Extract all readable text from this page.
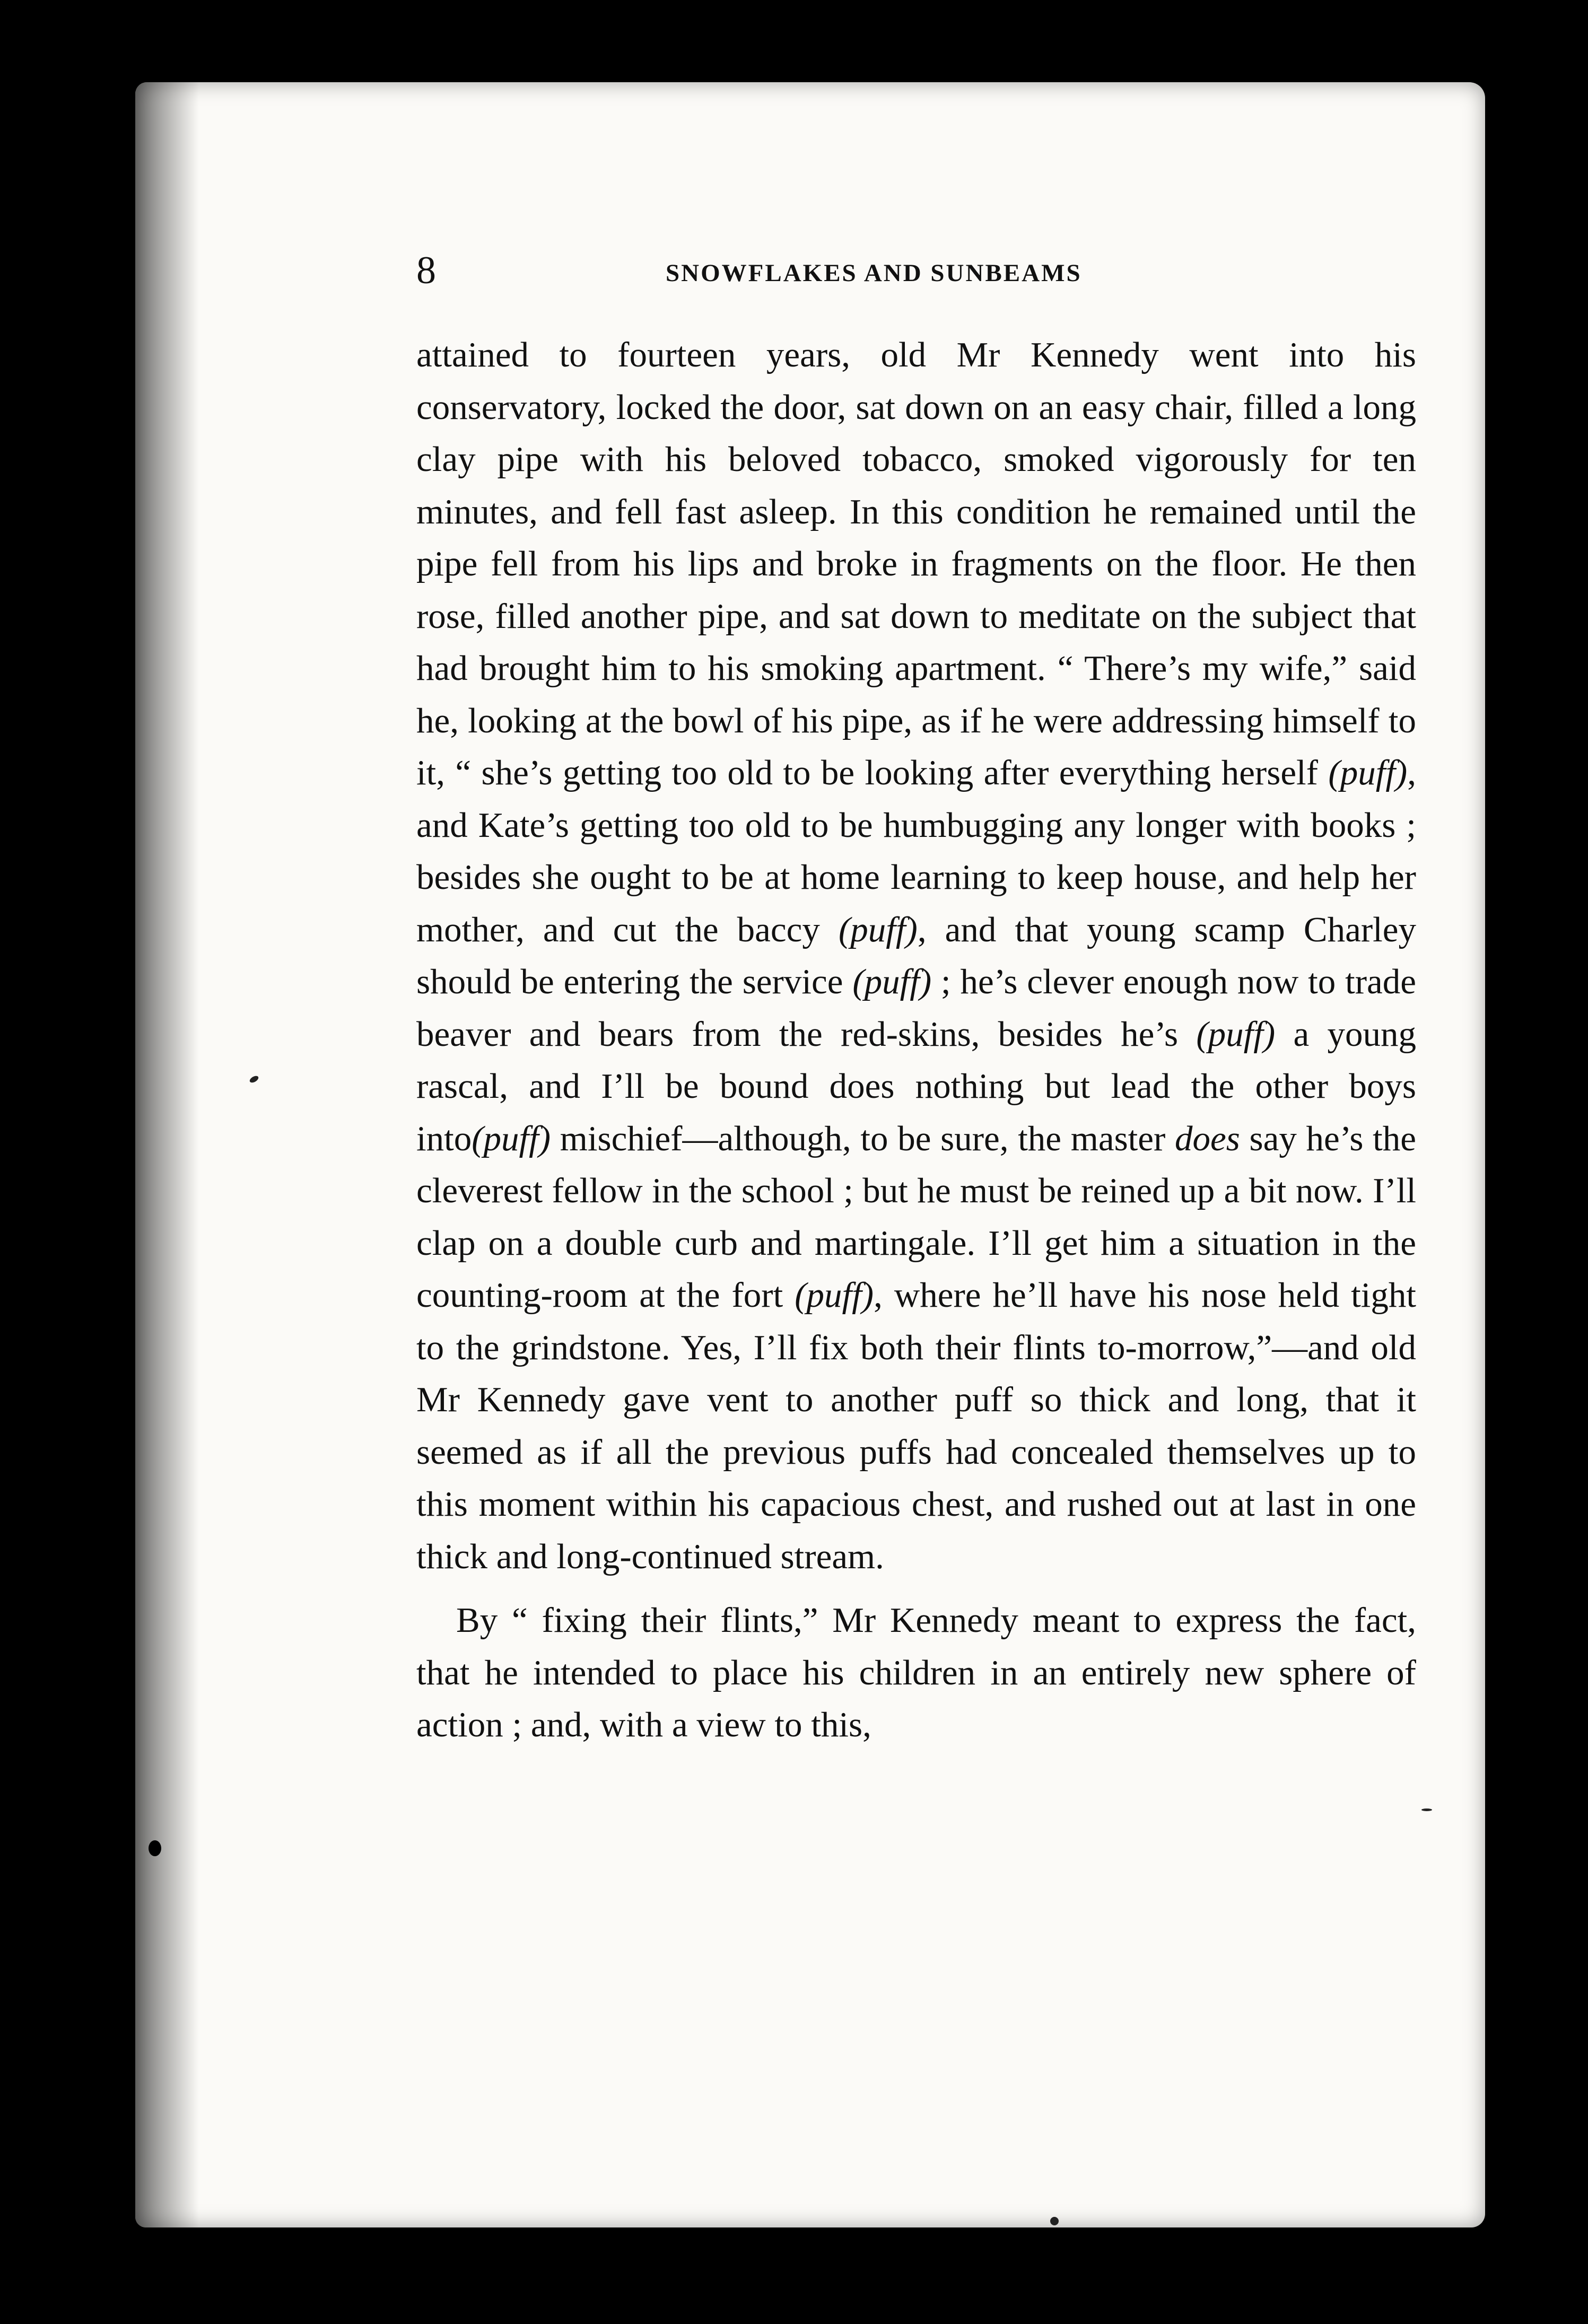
8	SNOWFLAKES AND SUNBEAMS

attained to fourteen years, old Mr Kennedy went into his conservatory, locked the door, sat down on an easy chair, filled a long clay pipe with his beloved tobacco, smoked vigorously for ten minutes, and fell fast asleep. In this condition he remained until the pipe fell from his lips and broke in fragments on the floor. He then rose, filled another pipe, and sat down to meditate on the subject that had brought him to his smoking apartment. “ There’s my wife,” said he, looking at the bowl of his pipe, as if he were addressing himself to it, “ she’s getting too old to be looking after everything herself (puff), and Kate’s getting too old to be humbugging any longer with books ; besides she ought to be at home learning to keep house, and help her mother, and cut the baccy (puff), and that young scamp Charley should be entering the service (puff) ; he’s clever enough now to trade beaver and bears from the red-skins, besides he’s (puff) a young rascal, and I’ll be bound does nothing but lead the other boys into(puff) mischief—although, to be sure, the master does say he’s the cleverest fellow in the school ; but he must be reined up a bit now. I’ll clap on a double curb and martingale. I’ll get him a situation in the counting-room at the fort (puff), where he’ll have his nose held tight to the grindstone. Yes, I’ll fix both their flints to-morrow,”—and old Mr Kennedy gave vent to another puff so thick and long, that it seemed as if all the previous puffs had concealed themselves up to this moment within his capacious chest, and rushed out at last in one thick and long-continued stream.

By “ fixing their flints,” Mr Kennedy meant to express the fact, that he intended to place his children in an entirely new sphere of action ; and, with a view to this,
